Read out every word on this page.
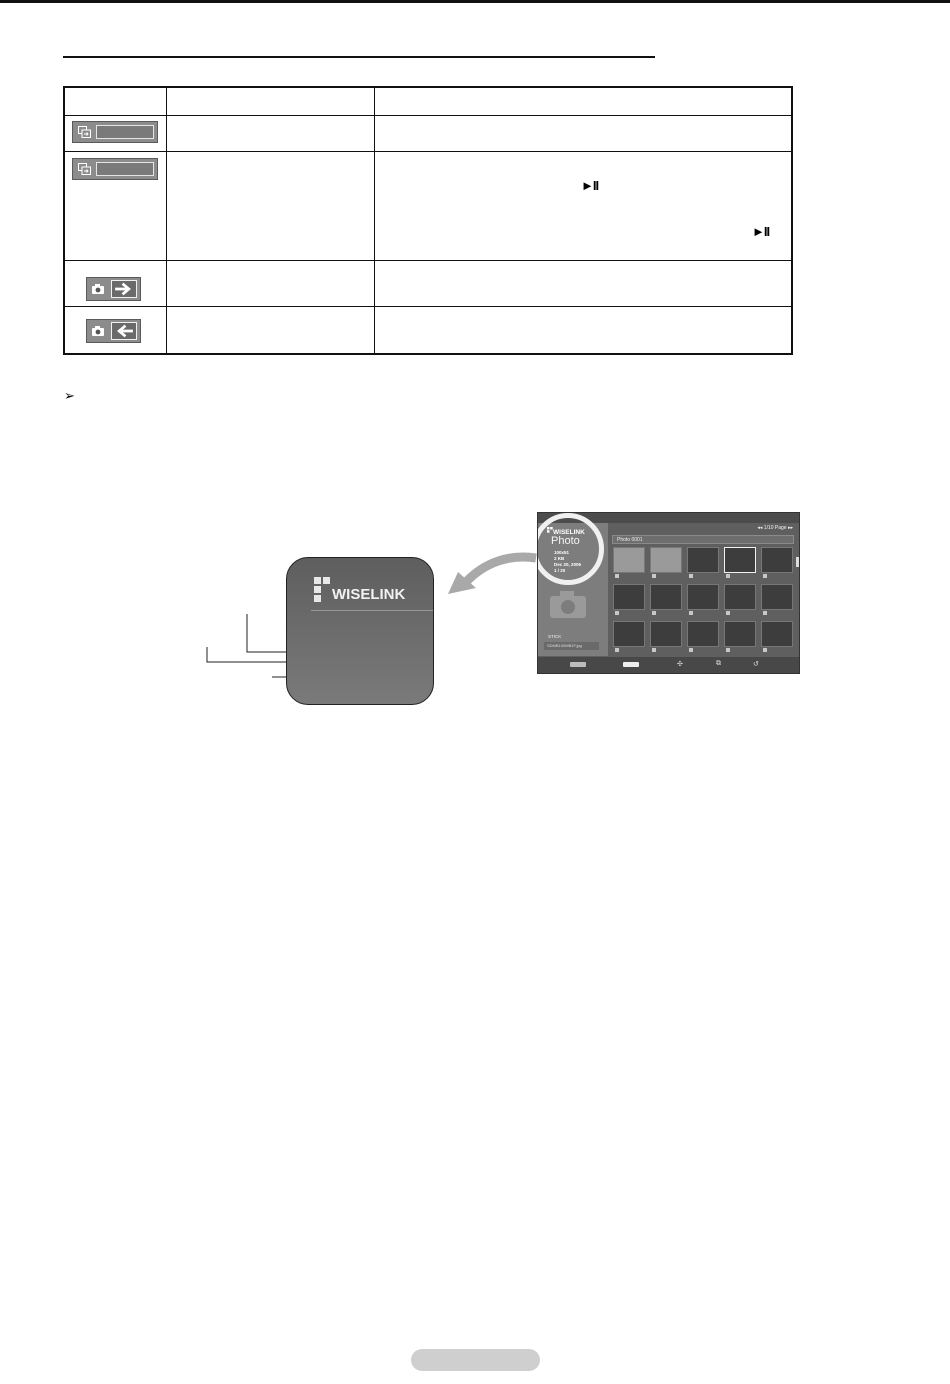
►II
►II
➢
WISELINK
STICK
SDMB100MB1F.jpg
WISELINK
Photo
100x51
2 KB
Dec 20, 2006
1 / 20
◂◂ 1/10 Page ▸▸
Photo 0001
✣	⧉	↺
